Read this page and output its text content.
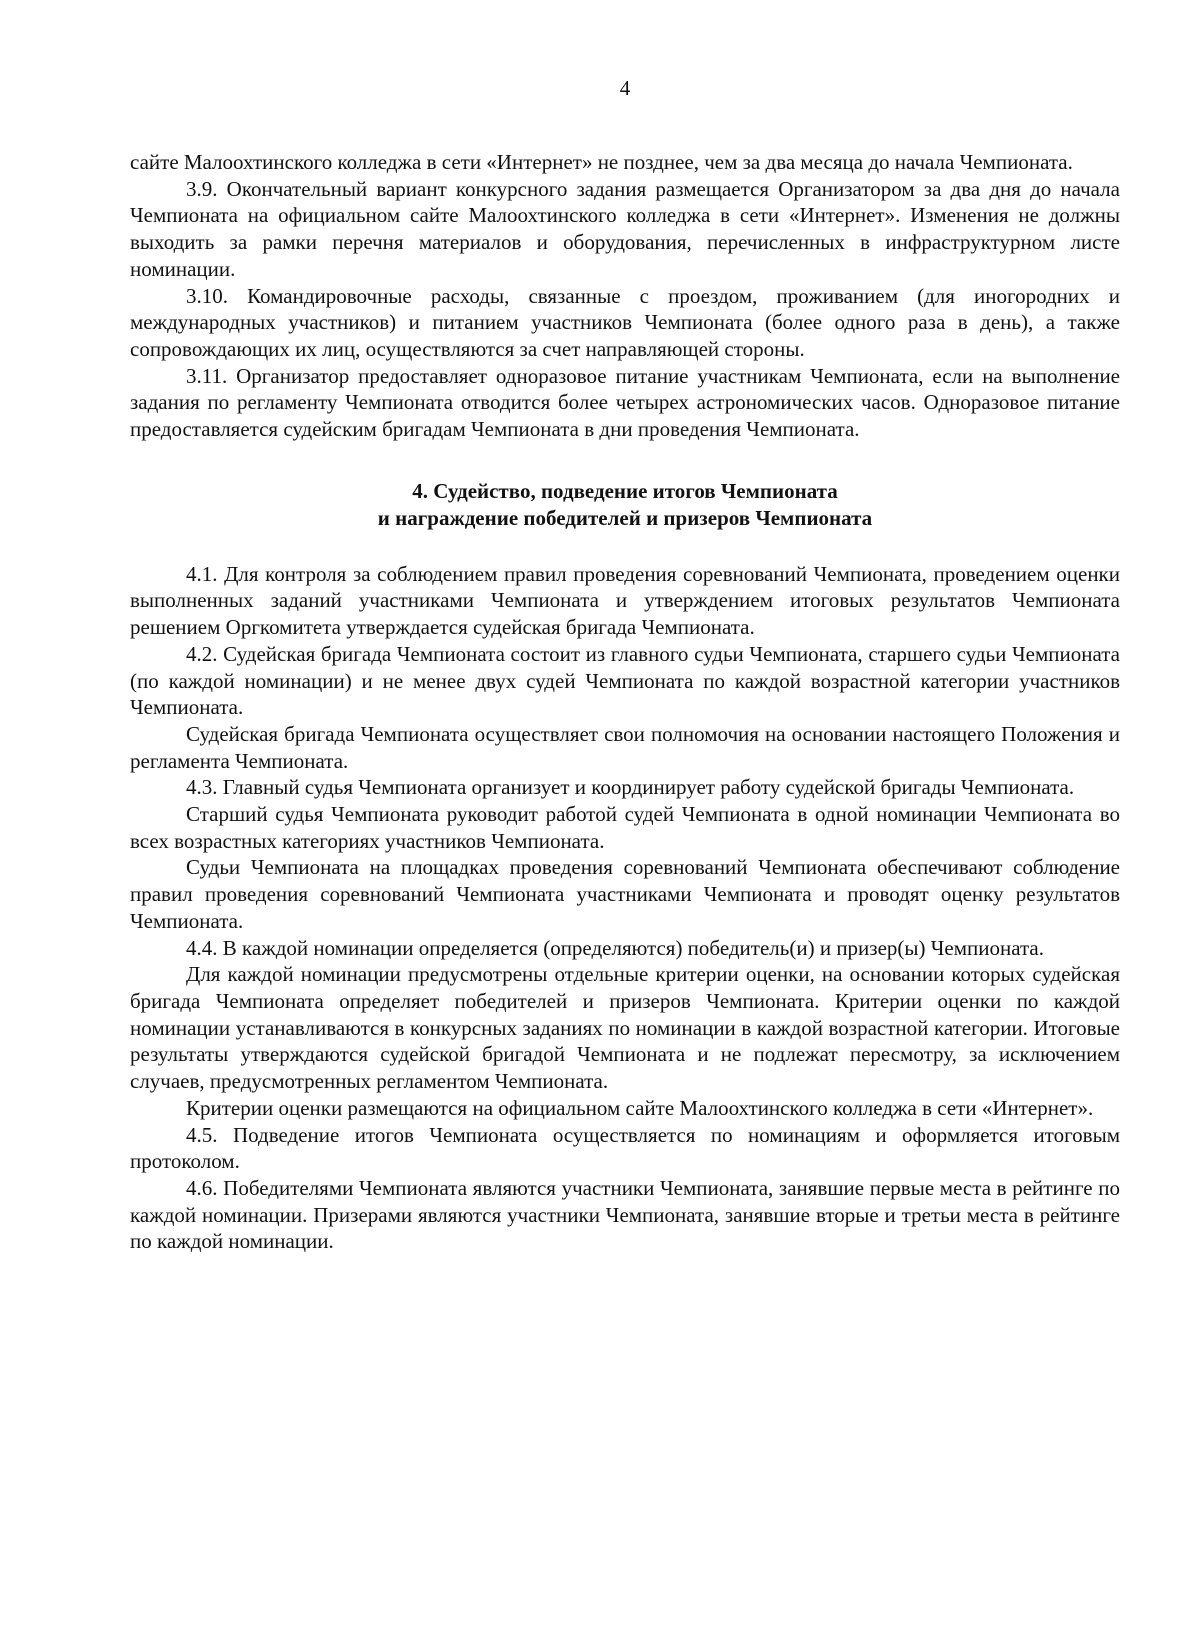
4

сайте Малоохтинского колледжа в сети «Интернет» не позднее, чем за два месяца до начала Чемпионата.

3.9. Окончательный вариант конкурсного задания размещается Организатором за два дня до начала Чемпионата на официальном сайте Малоохтинского колледжа в сети «Интернет». Изменения не должны выходить за рамки перечня материалов и оборудования, перечисленных в инфраструктурном листе номинации.

3.10. Командировочные расходы, связанные с проездом, проживанием (для иногородних и международных участников) и питанием участников Чемпионата (более одного раза в день), а также сопровождающих их лиц, осуществляются за счет направляющей стороны.

3.11. Организатор предоставляет одноразовое питание участникам Чемпионата, если на выполнение задания по регламенту Чемпионата отводится более четырех астрономических часов. Одноразовое питание предоставляется судейским бригадам Чемпионата в дни проведения Чемпионата.

4. Судейство, подведение итогов Чемпионата
и награждение победителей и призеров Чемпионата

4.1. Для контроля за соблюдением правил проведения соревнований Чемпионата, проведением оценки выполненных заданий участниками Чемпионата и утверждением итоговых результатов Чемпионата решением Оргкомитета утверждается судейская бригада Чемпионата.

4.2. Судейская бригада Чемпионата состоит из главного судьи Чемпионата, старшего судьи Чемпионата (по каждой номинации) и не менее двух судей Чемпионата по каждой возрастной категории участников Чемпионата.

Судейская бригада Чемпионата осуществляет свои полномочия на основании настоящего Положения и регламента Чемпионата.

4.3. Главный судья Чемпионата организует и координирует работу судейской бригады Чемпионата.

Старший судья Чемпионата руководит работой судей Чемпионата в одной номинации Чемпионата во всех возрастных категориях участников Чемпионата.

Судьи Чемпионата на площадках проведения соревнований Чемпионата обеспечивают соблюдение правил проведения соревнований Чемпионата участниками Чемпионата и проводят оценку результатов Чемпионата.

4.4. В каждой номинации определяется (определяются) победитель(и) и призер(ы) Чемпионата.

Для каждой номинации предусмотрены отдельные критерии оценки, на основании которых судейская бригада Чемпионата определяет победителей и призеров Чемпионата. Критерии оценки по каждой номинации устанавливаются в конкурсных заданиях по номинации в каждой возрастной категории. Итоговые результаты утверждаются судейской бригадой Чемпионата и не подлежат пересмотру, за исключением случаев, предусмотренных регламентом Чемпионата.

Критерии оценки размещаются на официальном сайте Малоохтинского колледжа в сети «Интернет».

4.5. Подведение итогов Чемпионата осуществляется по номинациям и оформляется итоговым протоколом.

4.6. Победителями Чемпионата являются участники Чемпионата, занявшие первые места в рейтинге по каждой номинации. Призерами являются участники Чемпионата, занявшие вторые и третьи места в рейтинге по каждой номинации.
